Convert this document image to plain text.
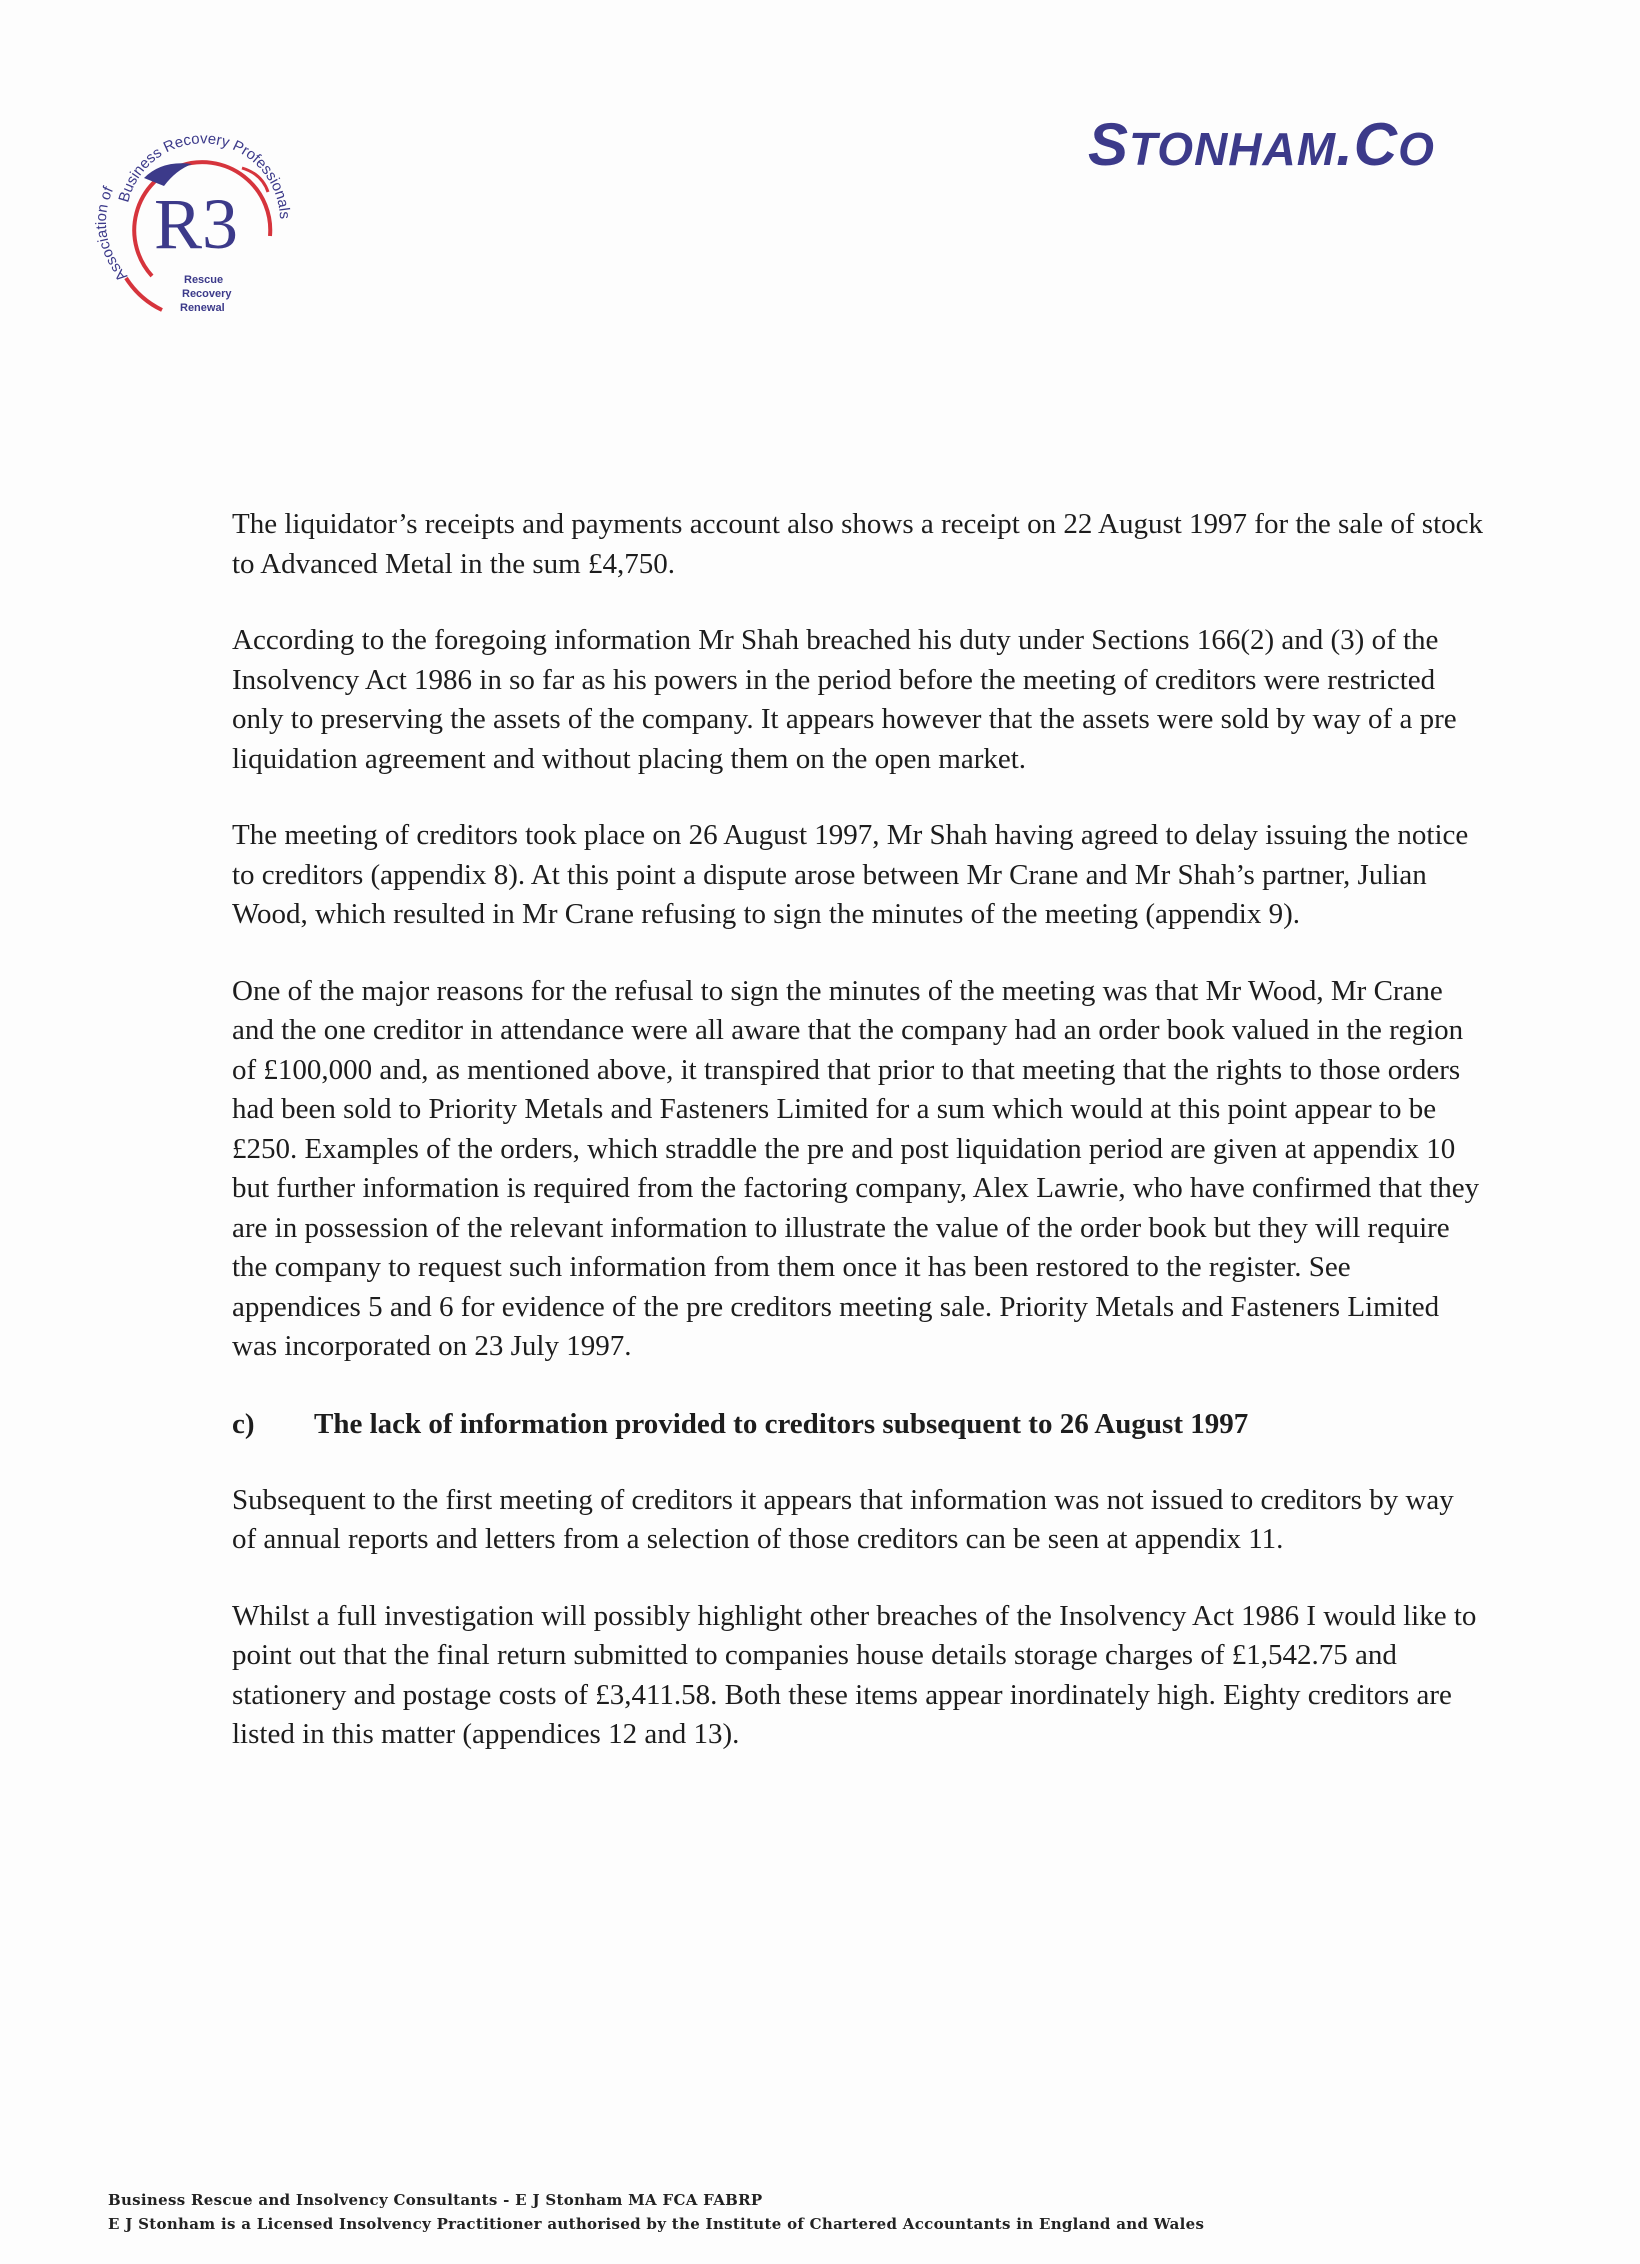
Business Recovery Professionals
Association of R3
Rescue
Recovery
Renewal
STONHAM.CO

The liquidator’s receipts and payments account also shows a receipt on 22 August 1997 for the sale of stock to Advanced Metal in the sum £4,750.

According to the foregoing information Mr Shah breached his duty under Sections 166(2) and (3) of the Insolvency Act 1986 in so far as his powers in the period before the meeting of creditors were restricted only to preserving the assets of the company. It appears however that the assets were sold by way of a pre liquidation agreement and without placing them on the open market.

The meeting of creditors took place on 26 August 1997, Mr Shah having agreed to delay issuing the notice to creditors (appendix 8). At this point a dispute arose between Mr Crane and Mr Shah’s partner, Julian Wood, which resulted in Mr Crane refusing to sign the minutes of the meeting (appendix 9).

One of the major reasons for the refusal to sign the minutes of the meeting was that Mr Wood, Mr Crane and the one creditor in attendance were all aware that the company had an order book valued in the region of £100,000 and, as mentioned above, it transpired that prior to that meeting that the rights to those orders had been sold to Priority Metals and Fasteners Limited for a sum which would at this point appear to be £250. Examples of the orders, which straddle the pre and post liquidation period are given at appendix 10 but further information is required from the factoring company, Alex Lawrie, who have confirmed that they are in possession of the relevant information to illustrate the value of the order book but they will require the company to request such information from them once it has been restored to the register. See appendices 5 and 6 for evidence of the pre creditors meeting sale. Priority Metals and Fasteners Limited was incorporated on 23 July 1997.

c)	The lack of information provided to creditors subsequent to 26 August 1997

Subsequent to the first meeting of creditors it appears that information was not issued to creditors by way of annual reports and letters from a selection of those creditors can be seen at appendix 11.

Whilst a full investigation will possibly highlight other breaches of the Insolvency Act 1986 I would like to point out that the final return submitted to companies house details storage charges of £1,542.75 and stationery and postage costs of £3,411.58. Both these items appear inordinately high. Eighty creditors are listed in this matter (appendices 12 and 13).

Business Rescue and Insolvency Consultants - E J Stonham MA FCA FABRP
E J Stonham is a Licensed Insolvency Practitioner authorised by the Institute of Chartered Accountants in England and Wales
